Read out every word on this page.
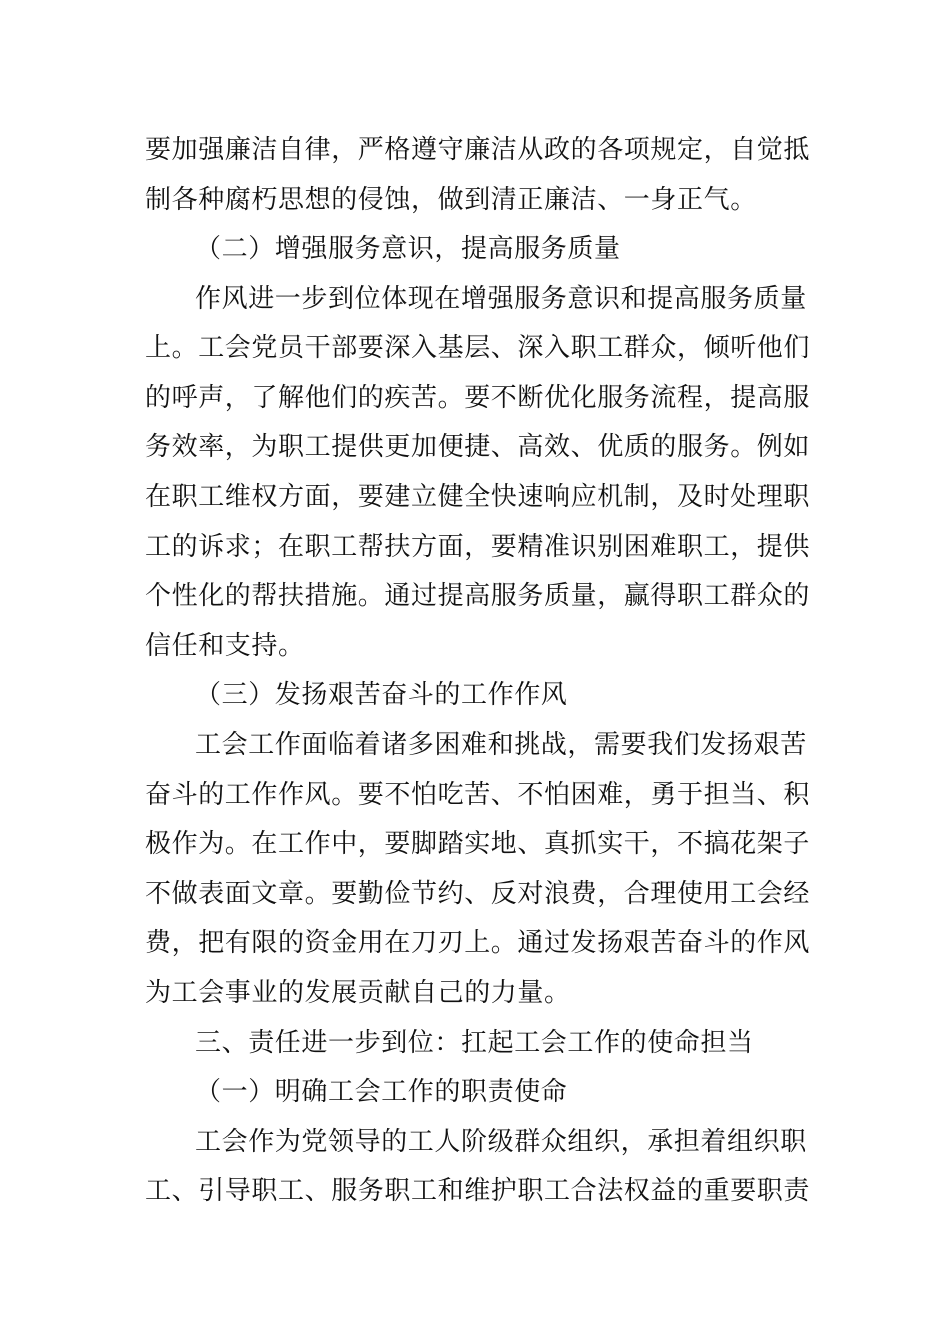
要加强廉洁自律，严格遵守廉洁从政的各项规定，自觉抵
制各种腐朽思想的侵蚀，做到清正廉洁、一身正气。
（二）增强服务意识，提高服务质量
作风进一步到位体现在增强服务意识和提高服务质量
上。工会党员干部要深入基层、深入职工群众，倾听他们
的呼声，了解他们的疾苦。要不断优化服务流程，提高服
务效率，为职工提供更加便捷、高效、优质的服务。例如
在职工维权方面，要建立健全快速响应机制，及时处理职
工的诉求；在职工帮扶方面，要精准识别困难职工，提供
个性化的帮扶措施。通过提高服务质量，赢得职工群众的
信任和支持。
（三）发扬艰苦奋斗的工作作风
工会工作面临着诸多困难和挑战，需要我们发扬艰苦
奋斗的工作作风。要不怕吃苦、不怕困难，勇于担当、积
极作为。在工作中，要脚踏实地、真抓实干，不搞花架子
不做表面文章。要勤俭节约、反对浪费，合理使用工会经
费，把有限的资金用在刀刃上。通过发扬艰苦奋斗的作风
为工会事业的发展贡献自己的力量。
三、责任进一步到位：扛起工会工作的使命担当
（一）明确工会工作的职责使命
工会作为党领导的工人阶级群众组织，承担着组织职
工、引导职工、服务职工和维护职工合法权益的重要职责
